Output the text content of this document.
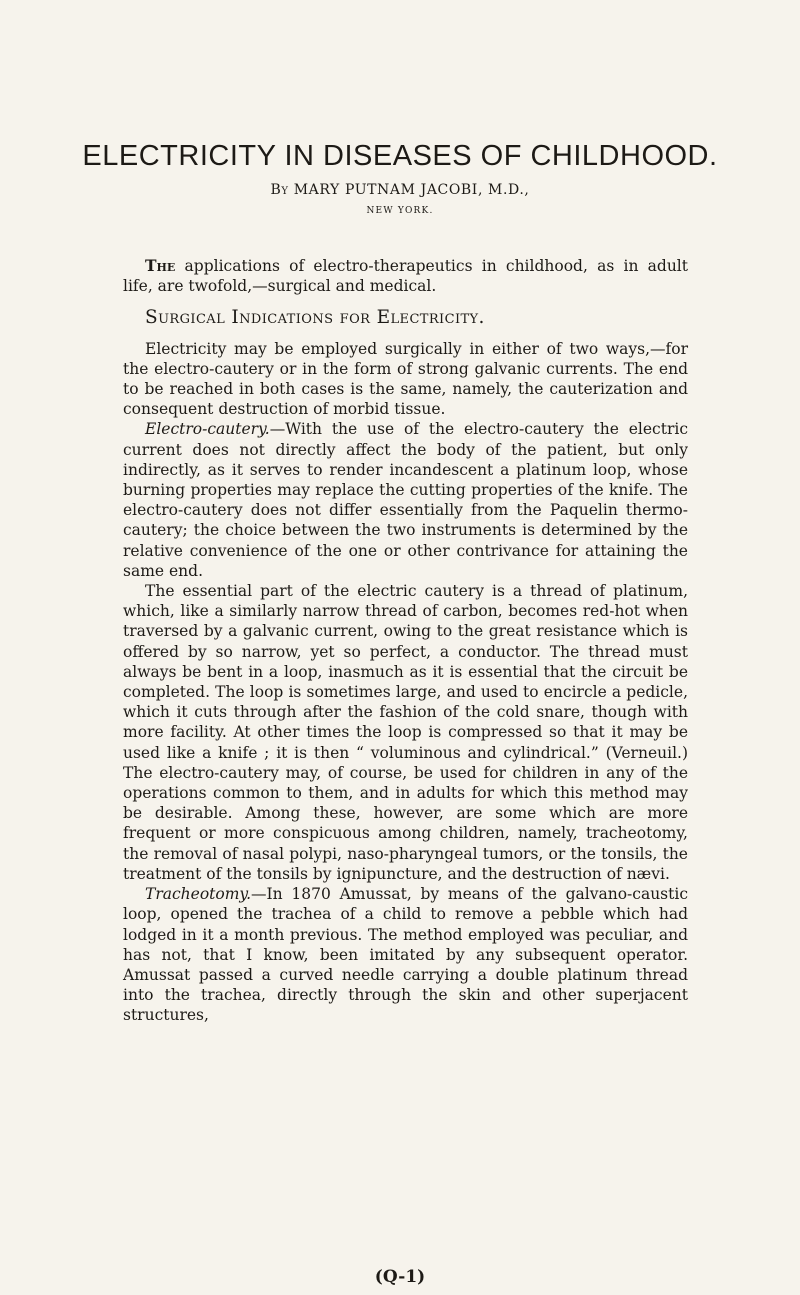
ELECTRICITY IN DISEASES OF CHILDHOOD.
By MARY PUTNAM JACOBI, M.D.,
NEW YORK.

The applications of electro-therapeutics in childhood, as in adult life, are twofold,—surgical and medical.

Surgical Indications for Electricity.

Electricity may be employed surgically in either of two ways,—for the electro-cautery or in the form of strong galvanic currents. The end to be reached in both cases is the same, namely, the cauterization and consequent destruction of morbid tissue.

Electro-cautery.—With the use of the electro-cautery the electric current does not directly affect the body of the patient, but only indirectly, as it serves to render incandescent a platinum loop, whose burning properties may replace the cutting properties of the knife. The electro-cautery does not differ essentially from the Paquelin thermo-cautery; the choice between the two instruments is determined by the relative convenience of the one or other contrivance for attaining the same end.

The essential part of the electric cautery is a thread of platinum, which, like a similarly narrow thread of carbon, becomes red-hot when traversed by a galvanic current, owing to the great resistance which is offered by so narrow, yet so perfect, a conductor. The thread must always be bent in a loop, inasmuch as it is essential that the circuit be completed. The loop is sometimes large, and used to encircle a pedicle, which it cuts through after the fashion of the cold snare, though with more facility. At other times the loop is compressed so that it may be used like a knife ; it is then “ voluminous and cylindrical.” (Verneuil.) The electro-cautery may, of course, be used for children in any of the operations common to them, and in adults for which this method may be desirable. Among these, however, are some which are more frequent or more conspicuous among children, namely, tracheotomy, the removal of nasal polypi, naso-pharyngeal tumors, or the tonsils, the treatment of the tonsils by ignipuncture, and the destruction of nævi.

Tracheotomy.—In 1870 Amussat, by means of the galvano-caustic loop, opened the trachea of a child to remove a pebble which had lodged in it a month previous. The method employed was peculiar, and has not, that I know, been imitated by any subsequent operator. Amussat passed a curved needle carrying a double platinum thread into the trachea, directly through the skin and other superjacent structures,

(Q-1)
